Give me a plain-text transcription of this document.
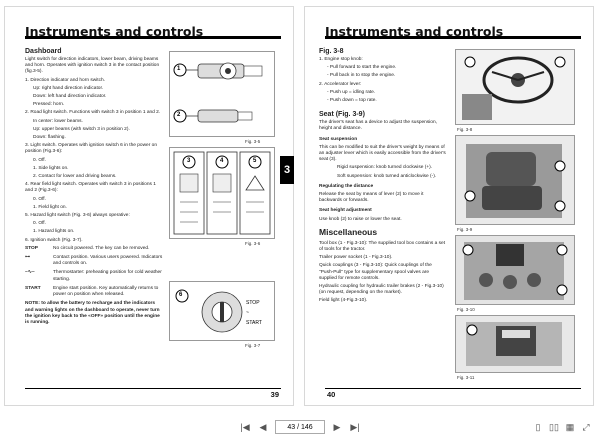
Instruments and controls
Dashboard

Light switch for direction indicators, lower beam, driving beams and horn. Operates with ignition switch 3 in the contact position (fig.3-5).

1. Direction indicator and horn switch.

Up: right hand direction indicator.

Down: left hand direction indicator.

Pressed: horn.

2. Road light switch. Functions with switch 3 in position 1 and 2.

In center: lower beams.

Up: upper beams (with switch 3 in position 2).

Down: flashing.

3. Light switch. Operates with ignition switch 6 in the power on position (Fig.3-6):

0. Off.

1. Side lights on.

2. Contact for lower and driving beams.

4. Rear field light switch. Operates with switch 3 in positions 1 and 2 (Fig.3-6):

0. Off.

1. Field light on.

5. Hazard light switch (Fig. 3-6) always operative:

0. Off.

1. Hazard lights on.

6. Ignition switch (Fig. 3-7).

STOP	No circuit powered. The key can be removed.
⊶	Contact position. Various users powered. Indicators and controls on.
~∿~	Thermostarter: preheating position for cold weather starting.
START	Engine start position. Key automatically returns to power on position when released.

NOTE: to allow the battery to recharge and the indicators and warning lights on the dashboard to operate, never turn the ignition key back to the «OFF» position until the engine is running.

1
2
Fig. 3-5
3	4	5
Fig. 3-6
STOP
~
START
6
Fig. 3-7
39
3
Instruments and controls
Fig. 3-8

1. Engine stop knob:

- Pull forward to start the engine.

- Pull back in to stop the engine.

2. Accelerator lever:

- Push up = idling rate.

- Push down = top rate.

Seat (Fig. 3-9)

The driver's seat has a device to adjust the suspension, height and distance.

Seat suspension

This can be modified to suit the driver's weight by means of an adjuster lever which is easily accessible from the driver's seat (3).

Rigid suspension: knob turned clockwise (+).

Soft suspension: knob turned anticlockwise (-).

Regulating the distance

Release the seat by means of lever (2) to move it backwards or forwards.

Seat height adjustment

Use knob (2) to raise or lower the seat.

Miscellaneous

Tool box (1 - Fig.3-10): The supplied tool box contains a set of tools for the tractor.

Trailer power socket (1 - Fig.3-10).

Quick couplings (3 - Fig.3-10): Quick couplings of the "Push-Pull" type for supplementary spool valves are supplied for remote controls.

Hydraulic coupling for hydraulic trailer brakes (2 - Fig.3-10) (on request, depending on the market).

Field light (4-Fig.3-10).

Fig. 3-8
Fig. 3-9
Fig. 3-10
Fig. 3-11
40
|◀ ◀	43 / 146	▶ ▶|	▯ ▯▯ ▦ ⤢
